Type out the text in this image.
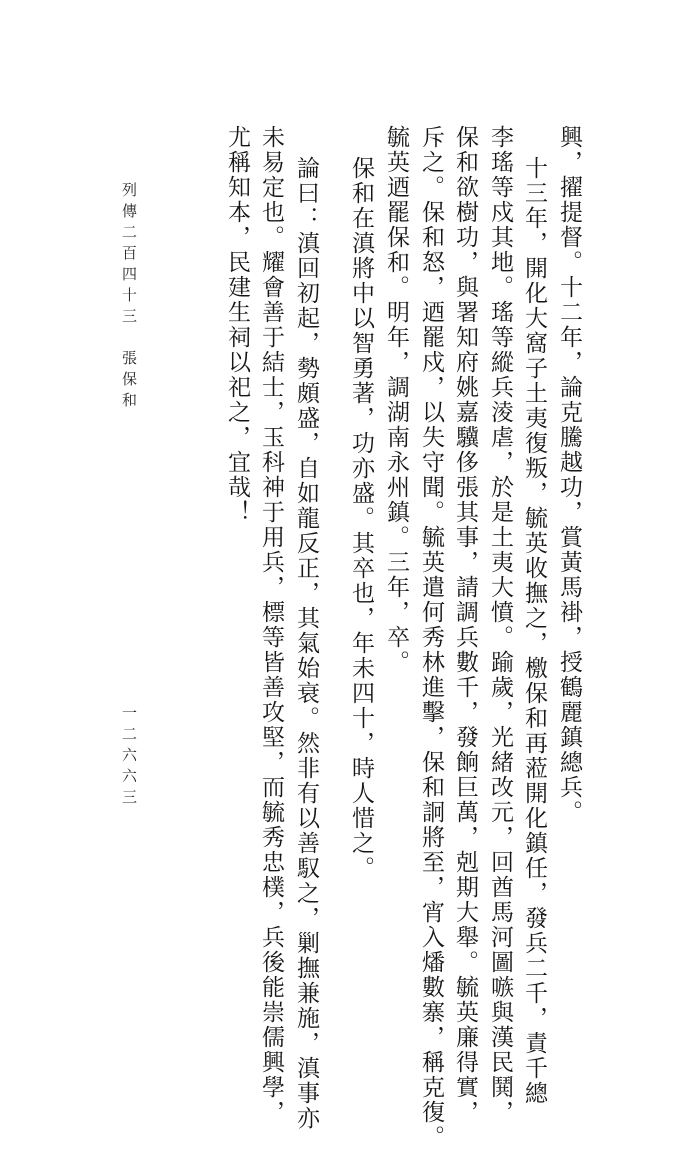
興，擢提督。十二年，論克騰越功，賞黃馬褂，授鶴麗鎮總兵。

十三年，開化大窩子土夷復叛，毓英收撫之，檄保和再蒞開化鎮任，發兵二千，責千總

李瑤等戍其地。瑤等縱兵淩虐，於是土夷大憤。踰歲，光緒改元，回酋馬河圖嗾與漢民鬨，

保和欲樹功，與署知府姚嘉驥侈張其事，請調兵數千，發餉巨萬，剋期大舉。毓英廉得實，

斥之。保和怒，迺罷戍，以失守聞。毓英遣何秀林進擊，保和詗將至，宵入燔數寨，稱克復。

毓英迺罷保和。明年，調湖南永州鎮。三年，卒。

保和在滇將中以智勇著，功亦盛。其卒也，年未四十，時人惜之。

論曰：滇回初起，勢頗盛，自如龍反正，其氣始衰。然非有以善馭之，剿撫兼施，滇事亦

未易定也。耀會善于結士，玉科神于用兵，標等皆善攻堅，而毓秀忠樸，兵後能崇儒興學，

尤稱知本，民建生祠以祀之，宜哉！

列傳二百四十三　張保和

一二六六三
